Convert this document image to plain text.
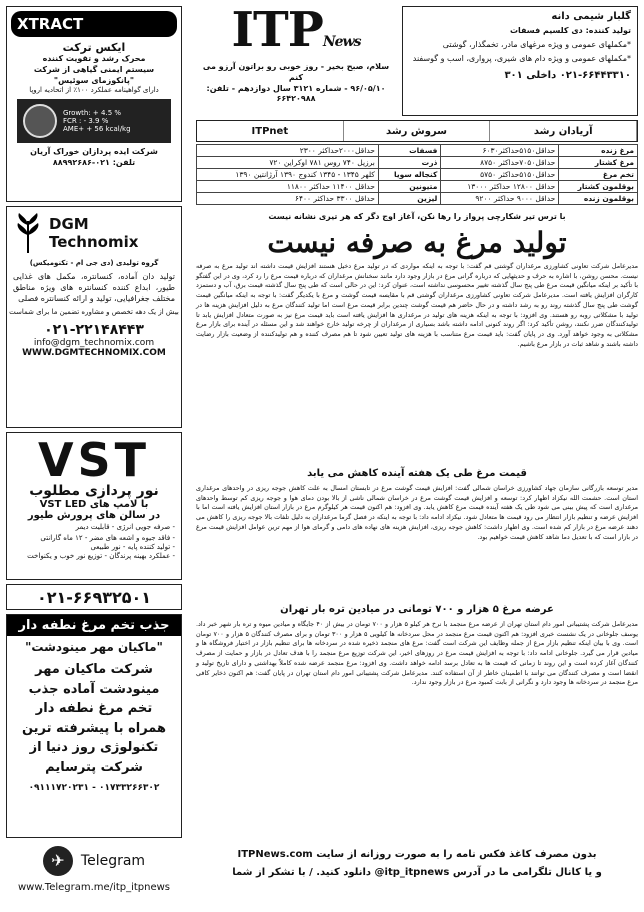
XTRACT
ایکس ترکت
محرک رشد و تقویت کننده
سیستم ایمنی گیاهی از شرکت
"پانکوزمای سوئیس"
دارای گواهینامه عملکرد ۱۰۰٪ از اتحادیه اروپا
Growth: + 4.5 %
FCR : - 3.9 %
AME+ + 56 kcal/kg
شرکت ایده پردازان خوراک آریان
تلفن: ۰۲۱-۸۸۹۹۲۶۸۶
DGM Technomix
گروه تولیدی (دی جی ام - تکنومیکس)
تولید دان آماده، کنسانتره، مکمل های غذایی طیور، ابداع کننده کنسانتره های ویژه مناطق مختلف جغرافیایی، تولید و ارائه کنسانتره فصلی
بیش از یک دهه تخصص و مشاوره تضمین ما برای شماست
۰۲۱-۲۲۱۴۸۴۴۳
info@dgm_technomix.com
WWW.DGMTECHNOMIX.COM
VST
نور پردازی مطلوب
با لامپ های VST LED
در سالن های پرورش طیور
- صرفه جویی انرژی - قابلیت دیمر
- فاقد جیوه و اشعه های مضر - ۱۲ ماه گارانتی
- تولید کننده پایه - نور طبیعی
- عملکرد بهینه پرندگان - توزیع نور خوب و یکنواخت
۰۲۱-۶۶۹۳۲۵۰۱
جذب تخم مرغ نطفه دار
"ماکیان مهر مینودشت"
شرکت ماکیان مهر مینودشت آماده جذب تخم مرغ نطفه دار همراه با پیشرفته ترین تکنولوژی روز دنیا از شرکت پترسایم
۰۹۱۱۱۷۲۰۲۳۱ - ۰۱۷۳۳۲۶۶۳۰۲
✈	Telegram
www.Telegram.me/itp_itpnews
ITPNews
سلام، صبح بخیر - روز خوبی رو براتون آرزو می کنم
۹۶/۰۵/۱۰ - شماره ۳۱۲۱ سال دوازدهم - تلفن: ۶۶۴۲۰۹۸۸
گلبار شیمی دانه
تولید کننده: دی کلسیم فسفات
*مکملهای عمومی و ویژه مرغهای مادر، تخمگذار، گوشتی
*مکملهای عمومی و ویژه دام های شیری، پرواری، اسب و گوسفند
۰۲۱-۶۶۴۴۳۳۱۰ داخلی ۳۰۱
ITPnet	سروش رشد	آریادان رشد
مرغ زنده	حداقل۵۱۵۰حداکثر۶۰۳۰	فسفات	حداقل۲۰۰۰حداکثر ۲۳۰۰
مرغ کشتار	حداقل۷۰۵۰حداکثر ۸۷۵۰	ذرت	برزیل ۷۴۰ روس ۷۸۱ اوکراین ۷۲۰
تخم مرغ	حداقل۵۱۵۰حداکثر ۵۷۵۰	کنجاله سویا	کلهر ۱۳۴۵ - ۱۳۴۵ کندوج ۱۳۹۰ آرژانتین ۱۳۹۰
بوقلمون کشتار	حداقل ۱۲۸۰۰ حداکثر ۱۳۰۰۰	متیونین	حداقل ۱۱۴۰۰ حداکثر ۱۱۸۰۰
بوقلمون زنده	حداقل ۹۰۰۰ حداکثر ۹۲۰۰	لیزین	حداقل ۳۳۰۰ حداکثر ۶۴۰۰
با ترس تیر شکارچی پرواز را رها نکن، آغاز اوج دگر که هر تیری نشانه نیست
تولید مرغ به صرفه نیست
مدیرعامل شرکت تعاونی کشاورزی مرغداران گوشتی قم گفت: با توجه به اینکه مواردی که در تولید مرغ دخیل هستند افزایش قیمت داشته اند تولید مرغ به صرفه نیست. محسن روشن، با اشاره به حرف و حدیثهایی که درباره گرانی مرغ در بازار وجود دارد مانند سخنانش مرغداران که درباره قیمت مرغ را رد کرد، وی در این گفتگو با تأکید بر اینکه میانگین قیمت مرغ طی پنج سال گذشته تغییر محسوسی نداشته است، عنوان کرد: این در حالی است که طی پنج سال گذشته قیمت برق، آب و دستمزد کارگران افزایش یافته است. مدیرعامل شرکت تعاونی کشاورزی مرغداران گوشتی قم با مقایسه قیمت گوشت و مرغ با یکدیگر گفت: با توجه به اینکه میانگین قیمت گوشت طی پنج سال گذشته روند رو به رشد داشته و در حال حاضر هم قیمت گوشت چندین برابر قیمت مرغ است اما تولید کنندگان مرغ به دلیل افزایش هزینه ها در تولید با مشکلاتی روبه رو هستند. وی افزود: با توجه به اینکه هزینه های تولید در مرغداری ها افزایش یافته است باید قیمت مرغ نیز به صورت متعادل افزایش یابد تا تولیدکنندگان ضرر نکنند، روشن تأکید کرد: اگر روند کنونی ادامه داشته باشد بسیاری از مرغداران از چرخه تولید خارج خواهند شد و این مسئله در آینده برای بازار مرغ مشکلاتی به وجود خواهد آورد. وی در پایان گفت: باید قیمت مرغ متناسب با هزینه های تولید تعیین شود تا هم مصرف کننده و هم تولیدکننده از وضعیت بازار رضایت داشته باشند و شاهد ثبات در بازار مرغ باشیم.
قیمت مرغ طی یک هفته آینده کاهش می یابد
مدیر توسعه بازرگانی سازمان جهاد کشاورزی خراسان شمالی گفت: افزایش قیمت گوشت مرغ در تابستان امسال به علت کاهش جوجه ریزی در واحدهای مرغداری استان است. حشمت الله نیکزاد اظهار کرد: توسعه و افزایش قیمت گوشت مرغ در خراسان شمالی ناشی از بالا بودن دمای هوا و جوجه ریزی کم توسط واحدهای مرغداری است که پیش بینی می شود طی یک هفته آینده قیمت مرغ کاهش یابد. وی افزود: هم اکنون قیمت هر کیلوگرم مرغ در بازار استان افزایش یافته است اما با افزایش عرضه و تنظیم بازار انتظار می رود قیمت ها متعادل شود. نیکزاد ادامه داد: با توجه به اینکه در فصل گرما مرغداران به دلیل تلفات بالا جوجه ریزی را کاهش می دهند عرضه مرغ در بازار کم شده است. وی اظهار داشت: کاهش جوجه ریزی، افزایش هزینه های نهاده های دامی و گرمای هوا از مهم ترین عوامل افزایش قیمت مرغ در بازار است که با تعدیل دما شاهد کاهش قیمت خواهیم بود.
عرضه مرغ ۵ هزار و ۷۰۰ تومانی در میادین تره بار تهران
مدیرعامل شرکت پشتیبانی امور دام استان تهران از عرضه مرغ منجمد با نرخ هر کیلو ۵ هزار و ۷۰۰ تومان در بیش از ۴۰ جایگاه و میادین میوه و تره بار شهر خبر داد. یوسف جلوخانی در یک نشست خبری افزود: هم اکنون قیمت مرغ منجمد در محل سردخانه ها کیلویی ۵ هزار و ۳۰۰ تومان و برای مصرف کنندگان ۵ هزار و ۷۰۰ تومان است. وی با بیان اینکه تنظیم بازار مرغ از جمله وظایف این شرکت است گفت: مرغ های منجمد ذخیره شده در سردخانه ها برای تنظیم بازار در اختیار فروشگاه ها و میادین قرار می گیرد. جلوخانی ادامه داد: با توجه به افزایش قیمت مرغ در روزهای اخیر، این شرکت توزیع مرغ منجمد را با هدف تعادل در بازار و حمایت از مصرف کنندگان آغاز کرده است و این روند تا زمانی که قیمت ها به تعادل برسد ادامه خواهد داشت. وی افزود: مرغ منجمد عرضه شده کاملاً بهداشتی و دارای تاریخ تولید و انقضا است و مصرف کنندگان می توانند با اطمینان خاطر از آن استفاده کنند. مدیرعامل شرکت پشتیبانی امور دام استان تهران در پایان گفت: هم اکنون ذخایر کافی مرغ منجمد در سردخانه ها وجود دارد و نگرانی از بابت کمبود مرغ در بازار وجود ندارد.
بدون مصرف کاغذ فکس نامه را به صورت روزانه از سایت ITPNews.com
و یا کانال تلگرامی ما در آدرس itp_itpnews@ دانلود کنید. / با تشکر از شما
